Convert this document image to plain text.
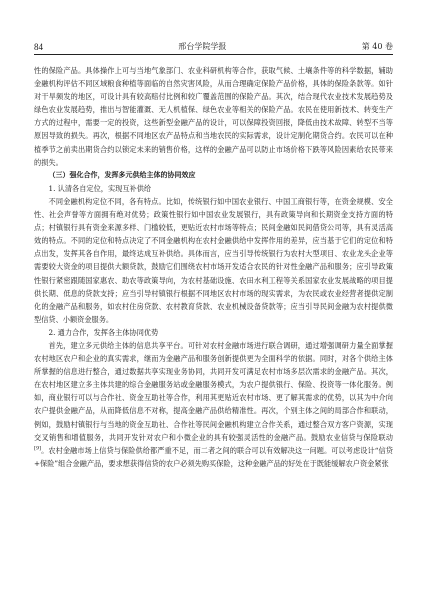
84	邢台学院学报	第 40 卷

性的保险产品。具体操作上可与当地气象部门、农业科研机构等合作，获取气候、土壤条件等的科学数据，辅助金融机构评估不同区域粮食种植等面临的自然灾害风险，从而合理确定保险产品价格，具体的保险条款等。如针对干旱频发的地区，可设计具有较高赔付比例和较广覆盖范围的保险产品。其次，结合现代农业技术发展趋势及绿色农业发展趋势，推出与智能灌溉、无人机植保、绿色农业等相关的保险产品。农民在使用新技术、转变生产方式的过程中，需要一定的投资，这些新型金融产品的设计，可以保障投资回报，降低由技术故障、转型不当等原因导致的损失。再次，根据不同地区农产品特点和当地农民的实际需求，设计定制化期货合约。农民可以在种植季节之前卖出期货合约以锁定未来的销售价格，这样的金融产品可以防止市场价格下跌等风险因素给农民带来的损失。

（三）强化合作，发挥多元供给主体的协同效应
1. 认清各自定位，实现互补供给

不同金融机构定位不同，各有特点。比如，传统银行如中国农业银行、中国工商银行等，在资金规模、安全性、社会声誉等方面拥有绝对优势；政策性银行如中国农业发展银行，具有政策导向和长期资金支持方面的特点；村镇银行具有资金来源多样、门槛较低，更贴近农村市场等特点；民间金融如民间借贷公司等，具有灵活高效的特点。不同的定位和特点决定了不同金融机构在农村金融供给中发挥作用的差异，应当基于它们的定位和特点出发，发挥其各自作用，最终达成互补供给。具体而言，应当引导传统银行为农村大型项目、农业龙头企业等需要较大资金的项目提供大额贷款，鼓励它们围绕农村市场开发适合农民的针对性金融产品和服务；应引导政策性银行紧密跟随国家惠农、助农等政策导向，为农村基础设施、农田水利工程等关系国家农业发展战略的项目提供长期、低息的贷款支持；应当引导村镇银行根据不同地区农村市场的现实需求，为农民或农业经营者提供定制化的金融产品和服务，如农村住房贷款、农村教育贷款、农业机械设备贷款等；应当引导民间金融为农村提供微型信贷、小额资金服务。

2. 通力合作，发挥各主体协同优势

首先，建立多元供给主体的信息共享平台。可针对农村金融市场进行联合调研，通过增强调研力量全面掌握农村地区农户和企业的真实需求，继而为金融产品和服务创新提供更为全面科学的依据。同时，对各个供给主体所掌握的信息进行整合，通过数据共享实现业务协同，共同开发可满足农村市场多层次需求的金融产品。其次，在农村地区建立多主体共建的综合金融服务站或金融服务模式，为农户提供银行、保险、投资等一体化服务。例如，商业银行可以与合作社、资金互助社等合作，利用其更贴近农村市场、更了解其需求的优势，以其为中介向农户提供金融产品，从而降低信息不对称，提高金融产品供给精准性。再次，个别主体之间的局部合作和联动，例如，鼓励村镇银行与当地的资金互助社、合作社等民间金融机构建立合作关系，通过整合双方客户资源，实现交叉销售和增值服务，共同开发针对农户和小微企业的具有较强灵活性的金融产品。鼓励农业信贷与保险联动[9]。农村金融市场上信贷与保险供给都严重不足，而二者之间的联合可以有效解决这一问题。可以考虑设计“信贷+保险”组合金融产品，要求想获得信贷的农户必须先购买保险，这种金融产品的好处在于既能缓解农户资金紧张
